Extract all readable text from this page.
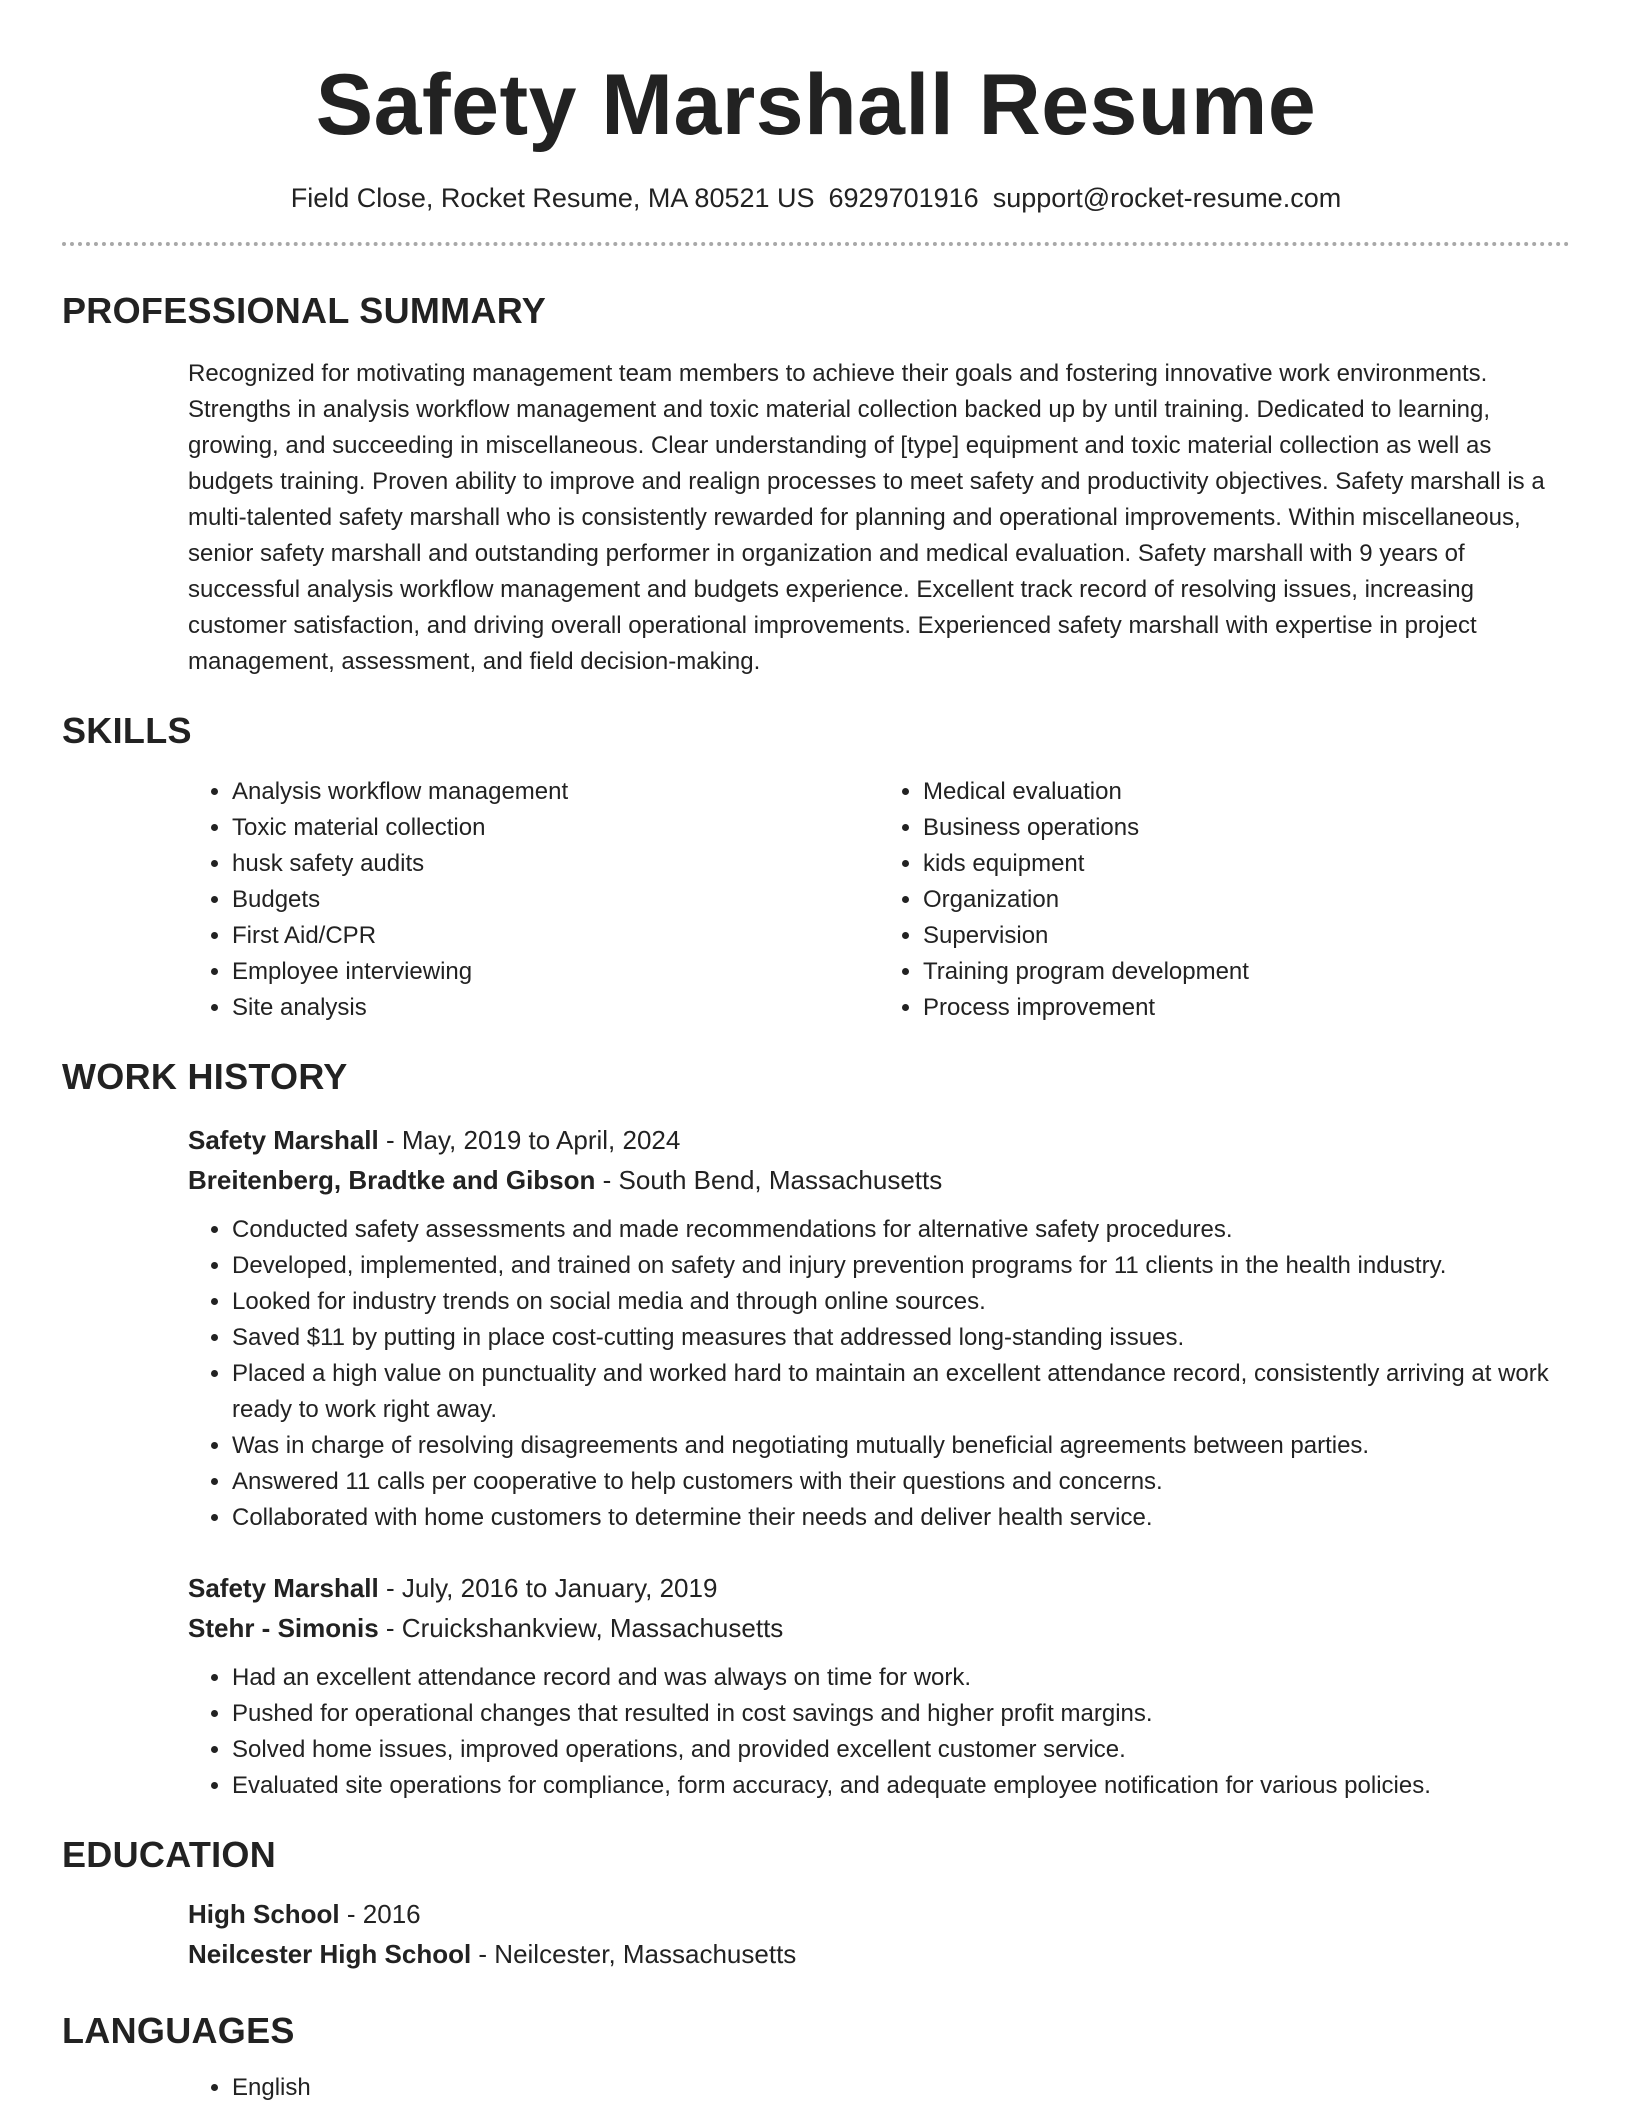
Safety Marshall Resume
Field Close, Rocket Resume, MA 80521 US 6929701916 support@rocket-resume.com
PROFESSIONAL SUMMARY

Recognized for motivating management team members to achieve their goals and fostering innovative work environments. Strengths in analysis workflow management and toxic material collection backed up by until training. Dedicated to learning, growing, and succeeding in miscellaneous. Clear understanding of [type] equipment and toxic material collection as well as budgets training. Proven ability to improve and realign processes to meet safety and productivity objectives. Safety marshall is a multi-talented safety marshall who is consistently rewarded for planning and operational improvements. Within miscellaneous, senior safety marshall and outstanding performer in organization and medical evaluation. Safety marshall with 9 years of successful analysis workflow management and budgets experience. Excellent track record of resolving issues, increasing customer satisfaction, and driving overall operational improvements. Experienced safety marshall with expertise in project management, assessment, and field decision-making.

SKILLS
• Analysis workflow management
• Toxic material collection
• husk safety audits
• Budgets
• First Aid/CPR
• Employee interviewing
• Site analysis
• Medical evaluation
• Business operations
• kids equipment
• Organization
• Supervision
• Training program development
• Process improvement
WORK HISTORY
Safety Marshall - May, 2019 to April, 2024
Breitenberg, Bradtke and Gibson - South Bend, Massachusetts
• Conducted safety assessments and made recommendations for alternative safety procedures.
• Developed, implemented, and trained on safety and injury prevention programs for 11 clients in the health industry.
• Looked for industry trends on social media and through online sources.
• Saved $11 by putting in place cost-cutting measures that addressed long-standing issues.
• Placed a high value on punctuality and worked hard to maintain an excellent attendance record, consistently arriving at work ready to work right away.
• Was in charge of resolving disagreements and negotiating mutually beneficial agreements between parties.
• Answered 11 calls per cooperative to help customers with their questions and concerns.
• Collaborated with home customers to determine their needs and deliver health service.
Safety Marshall - July, 2016 to January, 2019
Stehr - Simonis - Cruickshankview, Massachusetts
• Had an excellent attendance record and was always on time for work.
• Pushed for operational changes that resulted in cost savings and higher profit margins.
• Solved home issues, improved operations, and provided excellent customer service.
• Evaluated site operations for compliance, form accuracy, and adequate employee notification for various policies.
EDUCATION
High School - 2016
Neilcester High School - Neilcester, Massachusetts
LANGUAGES
• English
